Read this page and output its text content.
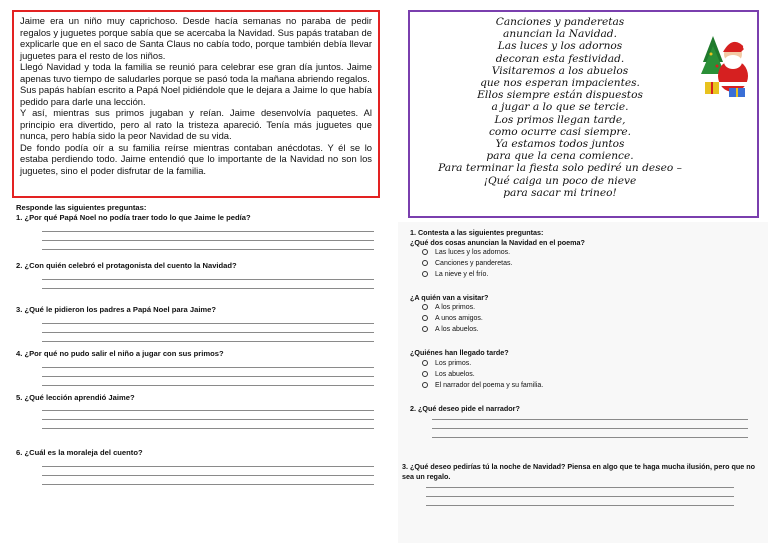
Jaime era un niño muy caprichoso. Desde hacía semanas no paraba de pedir regalos y juguetes porque sabía que se acercaba la Navidad. Sus papás trataban de explicarle que en el saco de Santa Claus no cabía todo, porque también debía llevar juguetes para el resto de los niños.

Llegó Navidad y toda la familia se reunió para celebrar ese gran día juntos. Jaime apenas tuvo tiempo de saludarles porque se pasó toda la mañana abriendo regalos.

Sus papás habían escrito a Papá Noel pidiéndole que le dejara a Jaime lo que había pedido para darle una lección.

Y así, mientras sus primos jugaban y reían. Jaime desenvolvía paquetes. Al principio era divertido, pero al rato la tristeza apareció. Tenía más juguetes que nunca, pero había sido la peor Navidad de su vida.

De fondo podía oír a su familia reírse mientras contaban anécdotas. Y él se lo estaba perdiendo todo. Jaime entendió que lo importante de la Navidad no son los juguetes, sino el poder disfrutar de la familia.

Responde las siguientes preguntas:
1. ¿Por qué Papá Noel no podía traer todo lo que Jaime le pedía?
2. ¿Con quién celebró el protagonista del cuento la Navidad?
3. ¿Qué le pidieron los padres a Papá Noel para Jaime?
4. ¿Por qué no pudo salir el niño a jugar con sus primos?
5. ¿Qué lección aprendió Jaime?
6. ¿Cuál es la moraleja del cuento?
Canciones y panderetas
anuncian la Navidad.
Las luces y los adornos
decoran esta festividad.
Visitaremos a los abuelos
que nos esperan impacientes.
Ellos siempre están dispuestos
a jugar a lo que se tercie.
Los primos llegan tarde,
como ocurre casi siempre.
Ya estamos todos juntos
para que la cena comience.
Para terminar la fiesta solo pediré un deseo –
¡Qué caiga un poco de nieve
para sacar mi trineo!
1. Contesta a las siguientes preguntas:
¿Qué dos cosas anuncian la Navidad en el poema?
Las luces y los adornos.
Canciones y panderetas.
La nieve y el frío.
¿A quién van a visitar?
A los primos.
A unos amigos.
A los abuelos.
¿Quiénes han llegado tarde?
Los primos.
Los abuelos.
El narrador del poema y su familia.
2. ¿Qué deseo pide el narrador?
3. ¿Qué deseo pedirías tú la noche de Navidad? Piensa en algo que te haga mucha ilusión, pero que no sea un regalo.
